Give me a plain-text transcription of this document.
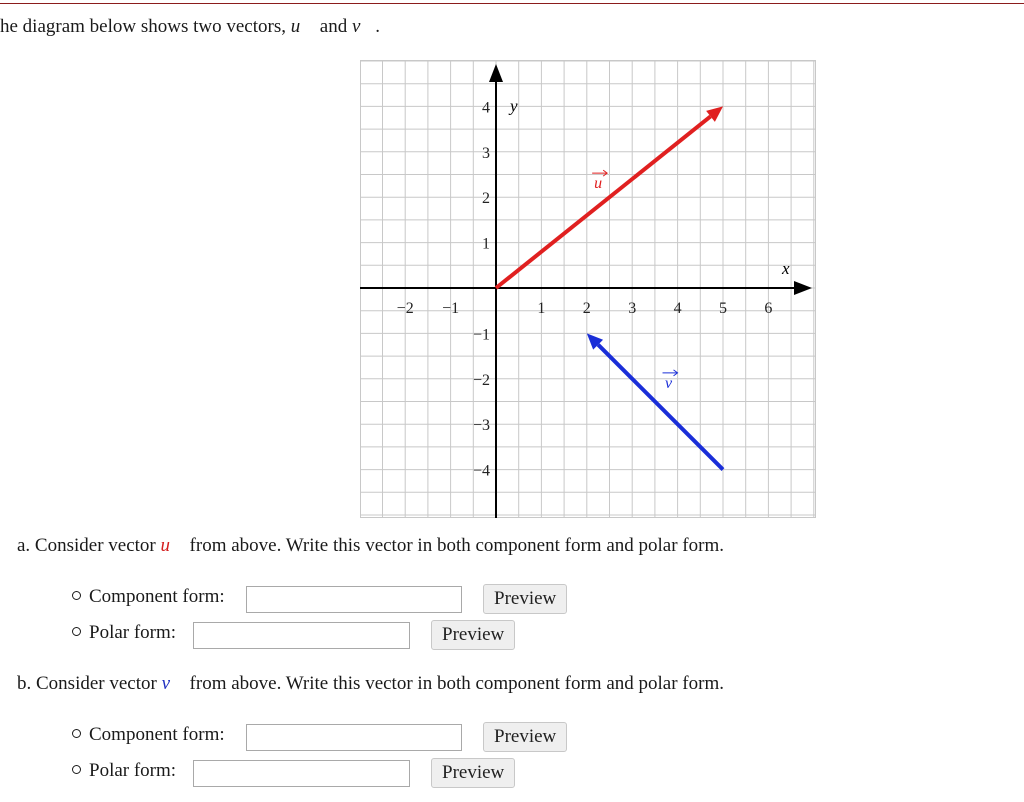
he diagram below shows two vectors, u⃗ and v⃗.
−2 −1	1 2 3 4 5 6
4
3
2
1
−1
−2
−3
−4
x
y
u
v
a. Consider vector u⃗ from above. Write this vector in both component form and polar form.
Component form:	Preview
Polar form:	Preview
b. Consider vector v⃗ from above. Write this vector in both component form and polar form.
Component form:	Preview
Polar form:	Preview
